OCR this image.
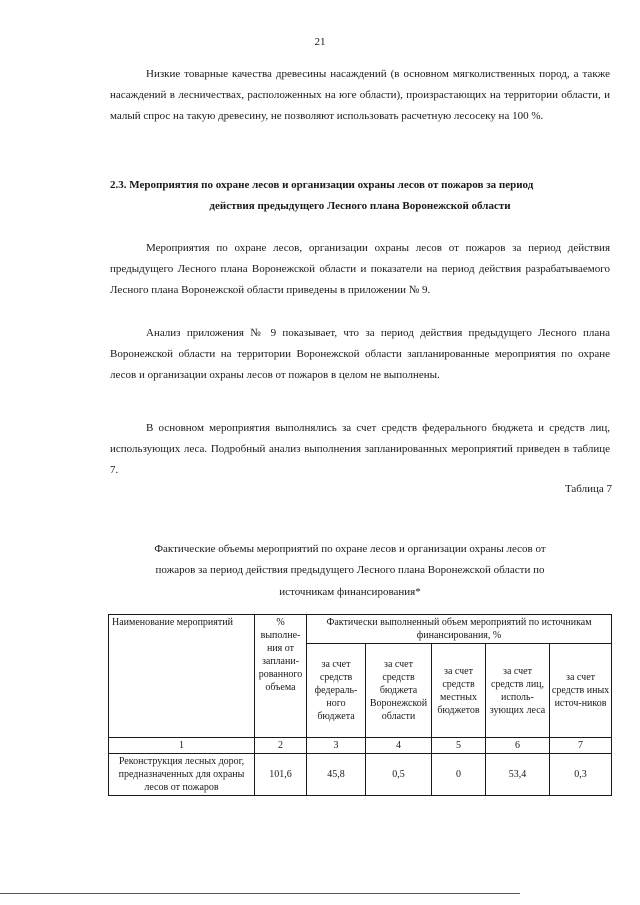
21

Низкие товарные качества древесины насаждений (в основном мягколиственных пород, а также насаждений в лесничествах, расположенных на юге области), произрастающих на территории области, и малый спрос на такую древесину, не позволяют использовать расчетную лесосеку на 100 %.

2.3. Мероприятия по охране лесов и организации охраны лесов от пожаров за период
действия предыдущего Лесного плана Воронежской области

Мероприятия по охране лесов, организации охраны лесов от пожаров за период действия предыдущего Лесного плана Воронежской области и показатели на период действия разрабатываемого Лесного плана Воронежской области приведены в приложении № 9.

Анализ приложения № 9 показывает, что за период действия предыдущего Лесного плана Воронежской области на территории Воронежской области запланированные мероприятия по охране лесов и организации охраны лесов от пожаров в целом не выполнены.

В основном мероприятия выполнялись за счет средств федерального бюджета и средств лиц, использующих леса. Подробный анализ выполнения запланированных мероприятий приведен в таблице 7.

Таблица 7
Фактические объемы мероприятий по охране лесов и организации охраны лесов от
пожаров за период действия предыдущего Лесного плана Воронежской области по
источникам финансирования*
Наименование мероприятий	% выполне-ния от заплани-рованного объема	Фактически выполненный объем мероприятий по источникам финансирования, %				
		за счет средств федераль-ного бюджета	за счет средств бюджета Воронежской области	за счет средств местных бюджетов	за счет средств лиц, исполь-зующих леса	за счет средств иных источ-ников
1	2	3	4	5	6	7
Реконструкция лесных дорог, предназначенных для охраны лесов от пожаров	101,6	45,8	0,5	0	53,4	0,3
